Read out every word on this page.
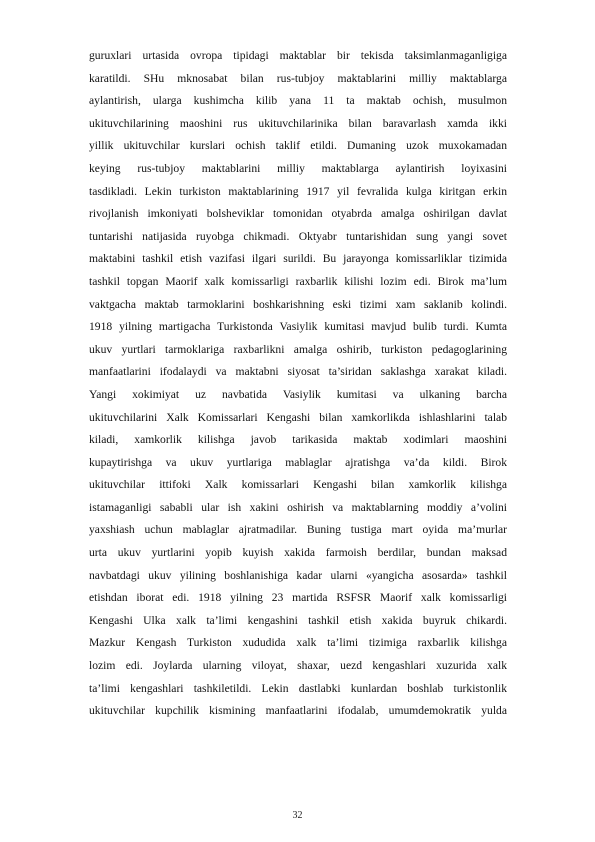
guruxlari urtasida ovropa tipidagi maktablar bir tekisda taksimlanmaganligiga
karatildi. SHu mknosabat bilan rus-tubjoy maktablarini milliy maktablarga
aylantirish, ularga kushimcha kilib yana 11 ta maktab ochish, musulmon
ukituvchilarining maoshini rus ukituvchilarinika bilan baravarlash xamda ikki
yillik ukituvchilar kurslari ochish taklif etildi. Dumaning uzok muxokamadan
keying rus-tubjoy maktablarini milliy maktablarga aylantirish loyixasini
tasdikladi. Lekin turkiston maktablarining 1917 yil fevralida kulga kiritgan erkin
rivojlanish imkoniyati bolsheviklar tomonidan otyabrda amalga oshirilgan davlat
tuntarishi natijasida ruyobga chikmadi. Oktyabr tuntarishidan sung yangi sovet
maktabini tashkil etish vazifasi ilgari surildi. Bu jarayonga komissarliklar tizimida
tashkil topgan Maorif xalk komissarligi raxbarlik kilishi lozim edi. Birok ma’lum
vaktgacha maktab tarmoklarini boshkarishning eski tizimi xam saklanib kolindi.
1918 yilning martigacha Turkistonda Vasiylik kumitasi mavjud bulib turdi. Kumta
ukuv yurtlari tarmoklariga raxbarlikni amalga oshirib, turkiston pedagoglarining
manfaatlarini ifodalaydi va maktabni siyosat ta’siridan saklashga xarakat kiladi.
Yangi xokimiyat uz navbatida Vasiylik kumitasi va ulkaning barcha
ukituvchilarini Xalk Komissarlari Kengashi bilan xamkorlikda ishlashlarini talab
kiladi, xamkorlik kilishga javob tarikasida maktab xodimlari maoshini
kupaytirishga va ukuv yurtlariga mablaglar ajratishga va’da kildi. Birok
ukituvchilar ittifoki Xalk komissarlari Kengashi bilan xamkorlik kilishga
istamaganligi sababli ular ish xakini oshirish va maktablarning moddiy a’volini
yaxshiash uchun mablaglar ajratmadilar. Buning tustiga mart oyida ma’murlar
urta ukuv yurtlarini yopib kuyish xakida farmoish berdilar, bundan maksad
navbatdagi ukuv yilining boshlanishiga kadar ularni «yangicha asosarda» tashkil
etishdan iborat edi. 1918 yilning 23 martida RSFSR Maorif xalk komissarligi
Kengashi Ulka xalk ta’limi kengashini tashkil etish xakida buyruk chikardi.
Mazkur Kengash Turkiston xududida xalk ta’limi tizimiga raxbarlik kilishga
lozim edi. Joylarda ularning viloyat, shaxar, uezd kengashlari xuzurida xalk
ta’limi kengashlari tashkiletildi. Lekin dastlabki kunlardan boshlab turkistonlik
ukituvchilar kupchilik kismining manfaatlarini ifodalab, umumdemokratik yulda
32
